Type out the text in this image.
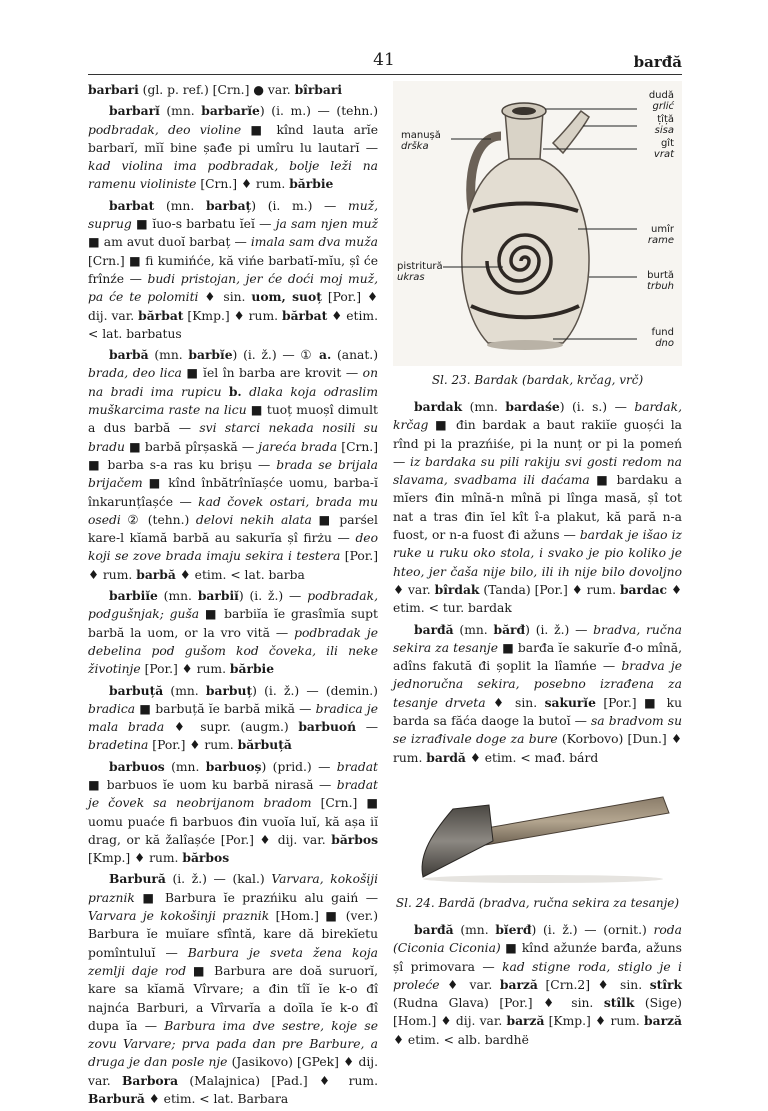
41	barđă

barbari (gl. p. ref.) [Crn.] ● var. bîrbari

barbarĭ (mn. barbarĭe) (i. m.) — (tehn.) podbradak, deo violine ■ kînd lauta arĭe barbarĭ, mĭĭ bine șađe pi umîru lu lautarĭ — kad violina ima podbradak, bolje leži na ramenu violiniste [Crn.] ♦ rum. bărbie

barbat (mn. barbaț) (i. m.) — muž, suprug ■ ĭuo-s barbatu ĭeĭ — ja sam njen muž ■ am avut duoĭ barbaț — imala sam dva muža [Crn.] ■ fi kumińće, kă vińe barbatĭ-mĭu, șî će frînźe — budi pristojan, jer će doći moj muž, pa će te polomiti ♦ sin. uom, suoț [Por.] ♦ dij. var. bărbat [Kmp.] ♦ rum. bărbat ♦ etim. < lat. barbatus

barbă (mn. barbĭe) (i. ž.) — ① a. (anat.) brada, deo lica ■ ĭel în barba are krovit — on na bradi ima rupicu b. dlaka koja odraslim muškarcima raste na licu ■ tuoț muoșî dimult a dus barbă — svi starci nekada nosili su bradu ■ barbă pîrșaskă — jareća brada [Crn.] ■ barba s-a ras ku brișu — brada se brijala brijačem ■ kînd înbătrînĭașće uomu, barba-ĭ înkarunțîașće — kad čovek ostari, brada mu osedi ② (tehn.) delovi nekih alata ■ parśel kare-l kĭamă barbă au sakurĭa șî firżu — deo koji se zove brada imaju sekira i testera [Por.] ♦ rum. barbă ♦ etim. < lat. barba

barbiĭe (mn. barbiĭ) (i. ž.) — podbradak, podgušnjak; guša ■ barbiĭa ĭe grasîmĭa supt barbă la uom, or la vro vită — podbradak je debelina pod gušom kod čoveka, ili neke životinje [Por.] ♦ rum. bărbie

barbuță (mn. barbuț) (i. ž.) — (demin.) bradica ■ barbuță ĭe barbă mikă — bradica je mala brada ♦ supr. (augm.) barbuoń — bradetina [Por.] ♦ rum. bărbuță

barbuos (mn. barbuoș) (prid.) — bradat ■ barbuos ĭe uom ku barbă nirasă — bradat je čovek sa neobrijanom bradom [Crn.] ■ uomu puaće fi barbuos đin vuoĭa luĭ, kă așa iĭ drag, or kă žalîașće [Por.] ♦ dij. var. bărbos [Kmp.] ♦ rum. bărbos

Barbură (i. ž.) — (kal.) Varvara, kokošiji praznik ■ Barbura ĭe prazńiku alu gaiń — Varvara je kokošinji praznik [Hom.] ■ (ver.) Barbura ĭe muĭare sfîntă, kare dă birekĭetu pomîntuluĭ — Barbura je sveta žena koja zemlji daje rod ■ Barbura are doă suruorĭ, kare sa kĭamă Vîrvare; a đin tîĭ ĭe k-o đî najnća Barburi, a Vîrvarĭa a doĭla ĭe k-o đî dupa ĭa — Barbura ima dve sestre, koje se zovu Varvare; prva pada dan pre Barbure, a druga je dan posle nje (Jasikovo) [GPek] ♦ dij. var. Barbora (Malajnica) [Pad.] ♦ rum. Barbură ♦ etim. < lat. Barbara

dudă
grlić
țîță
sisa
gît
vrat
manușă
drška
umîr
rame
pistritură
ukras	burtă
trbuh
fund
dno
Sl. 23. Bardak (bardak, krčag, vrč)

bardak (mn. bardaśe) (i. s.) — bardak, krčag ■ đin bardak a baut rakiĭe guoșći la rînd pi la prazńiśe, pi la nunț or pi la pomeń — iz bardaka su pili rakiju svi gosti redom na slavama, svadbama ili daćama ■ bardaku a mĭers đin mînă-n mînă pi lînga masă, șî tot nat a tras đin ĭel kît î-a plakut, kă pară n-a fuost, or n-a fuost đi ažuns — bardak je išao iz ruke u ruku oko stola, i svako je pio koliko je hteo, jer čaša nije bilo, ili ih nije bilo dovoljno ♦ var. bîrdak (Tanda) [Por.] ♦ rum. bardac ♦ etim. < tur. bardak

barđă (mn. bărđ) (i. ž.) — bradva, ručna sekira za tesanje ■ barđa ĭe sakurĭe đ-o mînă, adîns fakută đi șoplit la lîamńe — bradva je jednoručna sekira, posebno izrađena za tesanje drveta ♦ sin. sakurĭe [Por.] ■ ku barda sa făća daoge la butoĭ — sa bradvom su se izrađivale doge za bure (Korbovo) [Dun.] ♦ rum. bardă ♦ etim. < mađ. bárd

Sl. 24. Bardă (bradva, ručna sekira za tesanje)

barđă (mn. bĭerđ) (i. ž.) — (ornit.) roda (Ciconia Ciconia) ■ kînd ažunźe barđa, ažuns șî primovara — kad stigne roda, stiglo je i proleće ♦ var. barză [Crn.2] ♦ sin. stîrk (Rudna Glava) [Por.] ♦ sin. stîlk (Sige) [Hom.] ♦ dij. var. barză [Kmp.] ♦ rum. barză ♦ etim. < alb. bardhë
